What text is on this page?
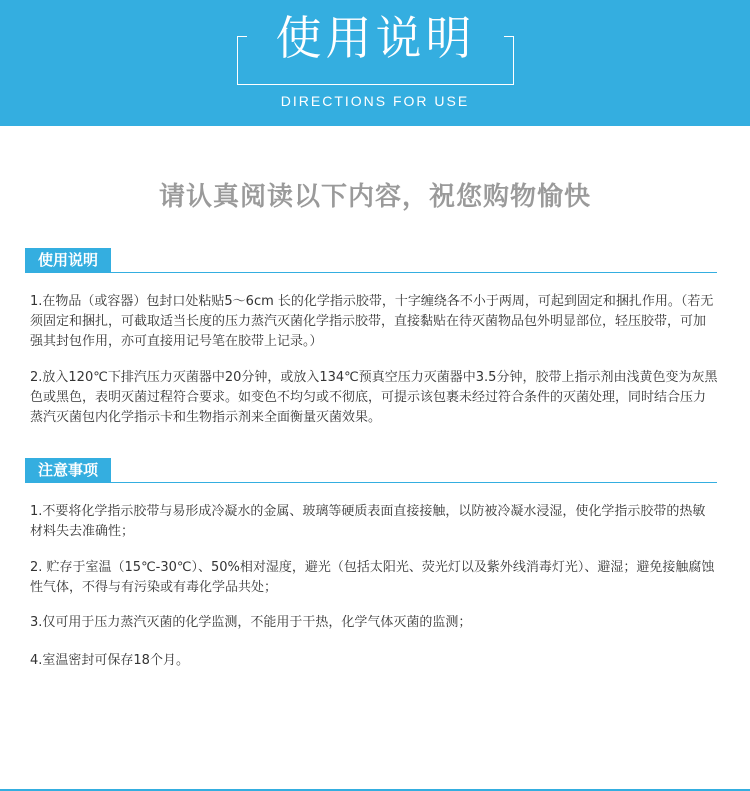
使用说明
DIRECTIONS FOR USE
请认真阅读以下内容，祝您购物愉快
使用说明

1.在物品（或容器）包封口处粘贴5～6cm 长的化学指示胶带，十字缠绕各不小于两周，可起到固定和捆扎作用。（若无须固定和捆扎，可截取适当长度的压力蒸汽灭菌化学指示胶带，直接黏贴在待灭菌物品包外明显部位，轻压胶带，可加强其封包作用，亦可直接用记号笔在胶带上记录。）

2.放入120℃下排汽压力灭菌器中20分钟，或放入134℃预真空压力灭菌器中3.5分钟，胶带上指示剂由浅黄色变为灰黑色或黑色，表明灭菌过程符合要求。如变色不均匀或不彻底，可提示该包裹未经过符合条件的灭菌处理，同时结合压力蒸汽灭菌包内化学指示卡和生物指示剂来全面衡量灭菌效果。

注意事项

1.不要将化学指示胶带与易形成冷凝水的金属、玻璃等硬质表面直接接触，以防被冷凝水浸湿，使化学指示胶带的热敏材料失去准确性；

2. 贮存于室温（15℃-30℃）、50%相对湿度，避光（包括太阳光、荧光灯以及紫外线消毒灯光）、避湿；避免接触腐蚀性气体，不得与有污染或有毒化学品共处；

3.仅可用于压力蒸汽灭菌的化学监测，不能用于干热，化学气体灭菌的监测；

4.室温密封可保存18个月。
